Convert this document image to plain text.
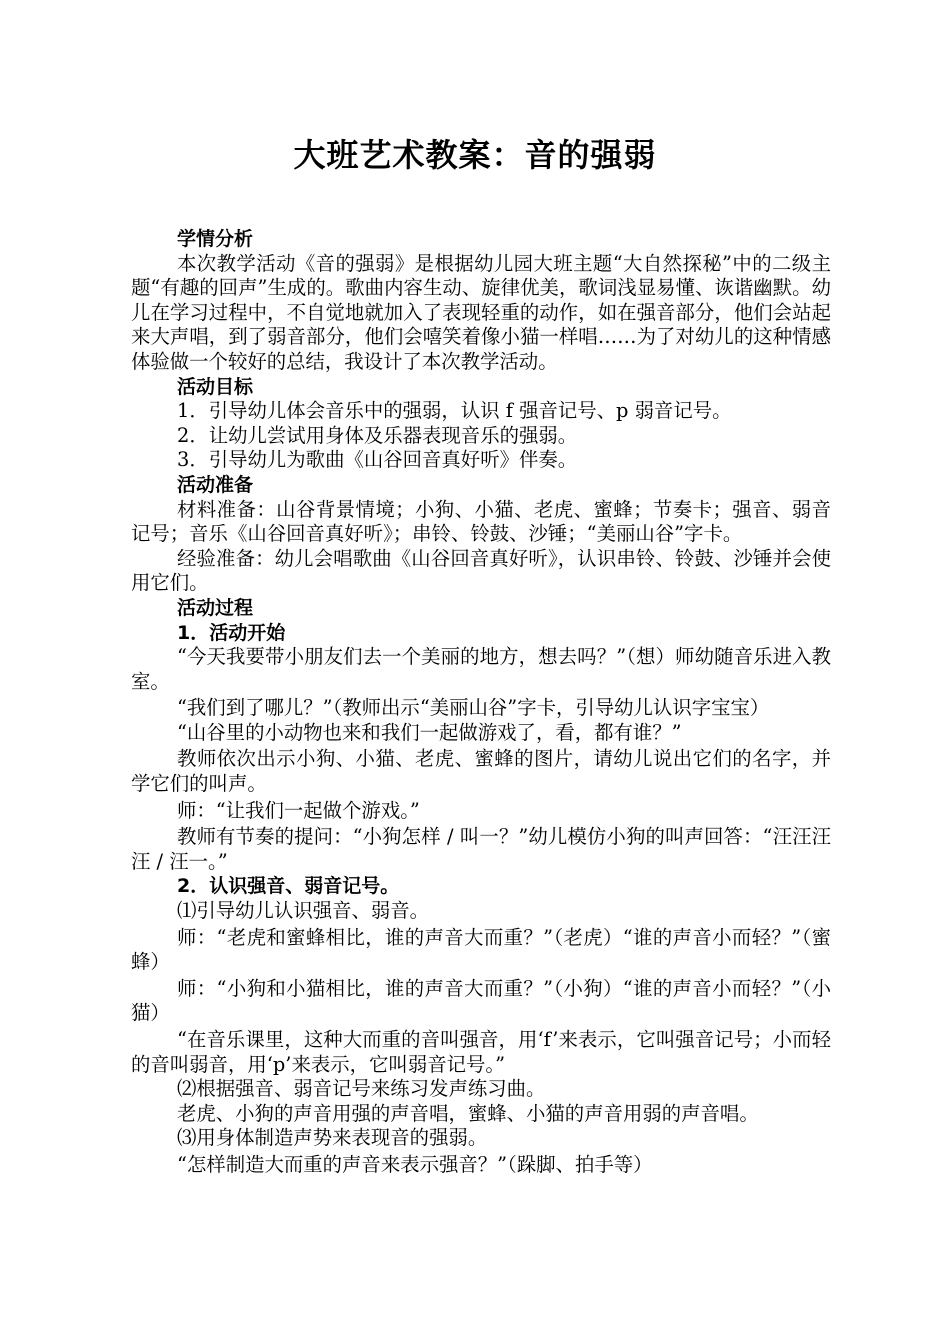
大班艺术教案：音的强弱

学情分析

本次教学活动《音的强弱》是根据幼儿园大班主题“大自然探秘”中的二级主题“有趣的回声”生成的。歌曲内容生动、旋律优美，歌词浅显易懂、诙谐幽默。幼儿在学习过程中，不自觉地就加入了表现轻重的动作，如在强音部分，他们会站起来大声唱，到了弱音部分，他们会嘻笑着像小猫一样唱……为了对幼儿的这种情感体验做一个较好的总结，我设计了本次教学活动。

活动目标

1．引导幼儿体会音乐中的强弱，认识 f 强音记号、p 弱音记号。

2．让幼儿尝试用身体及乐器表现音乐的强弱。

3．引导幼儿为歌曲《山谷回音真好听》伴奏。

活动准备

材料准备：山谷背景情境；小狗、小猫、老虎、蜜蜂；节奏卡；强音、弱音记号；音乐《山谷回音真好听》；串铃、铃鼓、沙锤；“美丽山谷”字卡。

经验准备：幼儿会唱歌曲《山谷回音真好听》，认识串铃、铃鼓、沙锤并会使用它们。

活动过程

1．活动开始

“今天我要带小朋友们去一个美丽的地方，想去吗？”（想）师幼随音乐进入教室。

“我们到了哪儿？”（教师出示“美丽山谷”字卡，引导幼儿认识字宝宝）

“山谷里的小动物也来和我们一起做游戏了，看，都有谁？”

教师依次出示小狗、小猫、老虎、蜜蜂的图片，请幼儿说出它们的名字，并学它们的叫声。

师：“让我们一起做个游戏。”

教师有节奏的提问：“小狗怎样 / 叫一？”幼儿模仿小狗的叫声回答：“汪汪汪汪 / 汪一。”

2．认识强音、弱音记号。

⑴引导幼儿认识强音、弱音。

师：“老虎和蜜蜂相比，谁的声音大而重？”（老虎）“谁的声音小而轻？”（蜜蜂）

师：“小狗和小猫相比，谁的声音大而重？”（小狗）“谁的声音小而轻？”（小猫）

“在音乐课里，这种大而重的音叫强音，用‘f’来表示，它叫强音记号；小而轻的音叫弱音，用‘p’来表示，它叫弱音记号。”

⑵根据强音、弱音记号来练习发声练习曲。

老虎、小狗的声音用强的声音唱，蜜蜂、小猫的声音用弱的声音唱。

⑶用身体制造声势来表现音的强弱。

“怎样制造大而重的声音来表示强音？”（跺脚、拍手等）
